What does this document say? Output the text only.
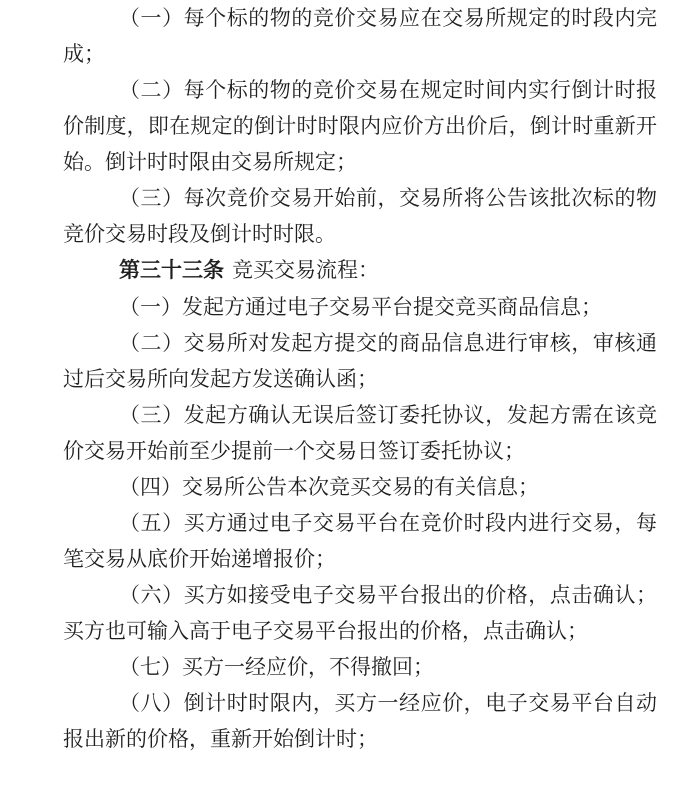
（一）每个标的物的竞价交易应在交易所规定的时段内完成；

（二）每个标的物的竞价交易在规定时间内实行倒计时报价制度，即在规定的倒计时时限内应价方出价后，倒计时重新开始。倒计时时限由交易所规定；

（三）每次竞价交易开始前，交易所将公告该批次标的物竞价交易时段及倒计时时限。

第三十三条 竞买交易流程：

（一）发起方通过电子交易平台提交竞买商品信息；

（二）交易所对发起方提交的商品信息进行审核，审核通过后交易所向发起方发送确认函；

（三）发起方确认无误后签订委托协议，发起方需在该竞价交易开始前至少提前一个交易日签订委托协议；

（四）交易所公告本次竞买交易的有关信息；

（五）买方通过电子交易平台在竞价时段内进行交易，每笔交易从底价开始递增报价；

（六）买方如接受电子交易平台报出的价格，点击确认；买方也可输入高于电子交易平台报出的价格，点击确认；

（七）买方一经应价，不得撤回；

（八）倒计时时限内，买方一经应价，电子交易平台自动报出新的价格，重新开始倒计时；
